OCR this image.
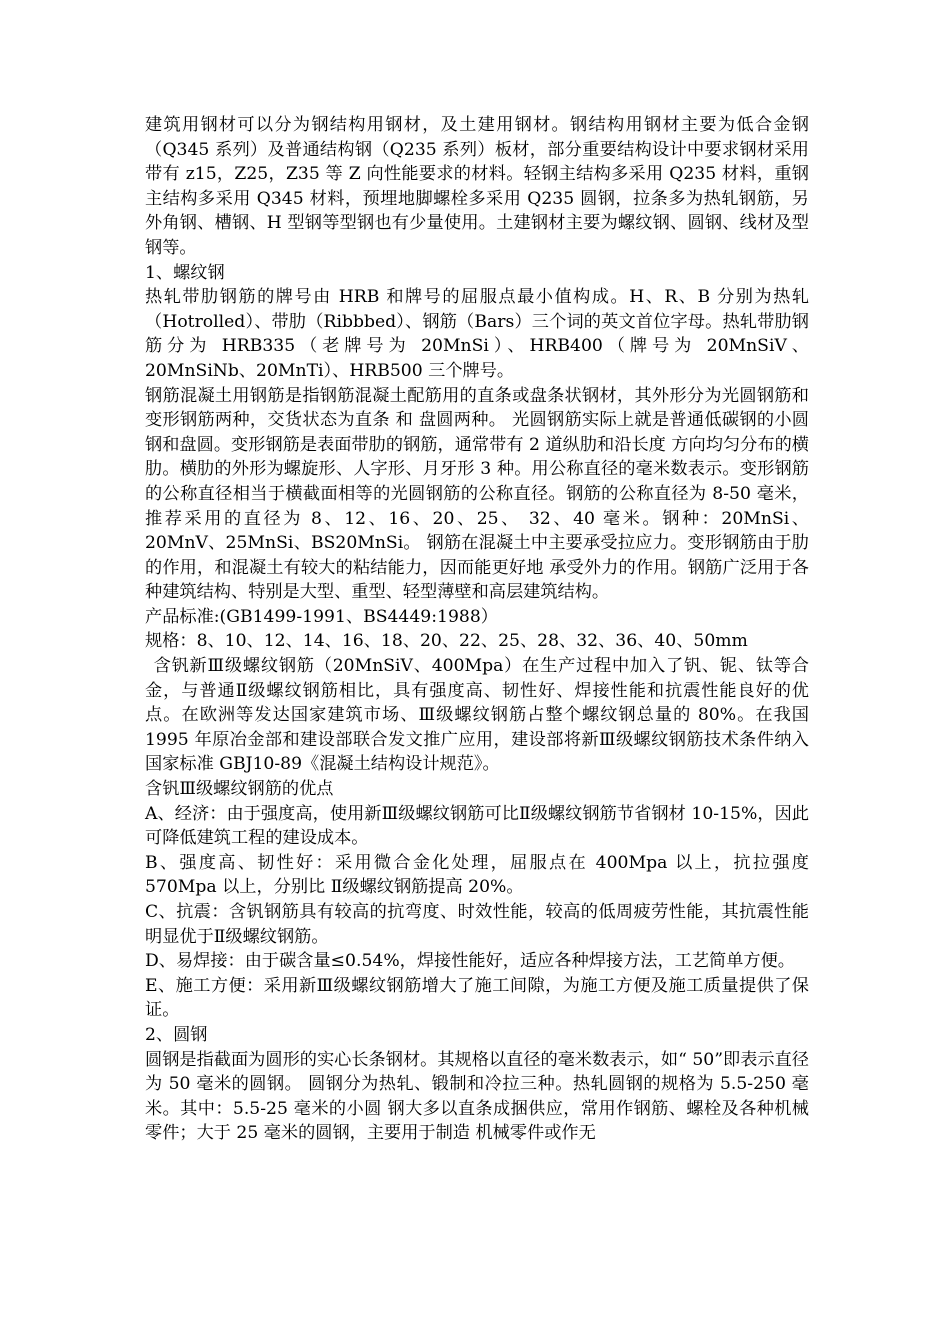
建筑用钢材可以分为钢结构用钢材，及土建用钢材。钢结构用钢材主要为低合金钢（Q345 系列）及普通结构钢（Q235 系列）板材，部分重要结构设计中要求钢材采用带有 z15，Z25，Z35 等 Z 向性能要求的材料。轻钢主结构多采用 Q235 材料，重钢主结构多采用 Q345 材料，预埋地脚螺栓多采用 Q235 圆钢，拉条多为热轧钢筋，另外角钢、槽钢、H 型钢等型钢也有少量使用。土建钢材主要为螺纹钢、圆钢、线材及型钢等。

1、螺纹钢

热轧带肋钢筋的牌号由 HRB 和牌号的屈服点最小值构成。H、R、B 分别为热轧（Hotrolled）、带肋（Ribbbed）、钢筋（Bars）三个词的英文首位字母。热轧带肋钢筋分为 HRB335（老牌号为 20MnSi）、HRB400（牌号为 20MnSiV、20MnSiNb、20MnTi）、HRB500 三个牌号。

钢筋混凝土用钢筋是指钢筋混凝土配筋用的直条或盘条状钢材，其外形分为光圆钢筋和变形钢筋两种，交货状态为直条 和 盘圆两种。 光圆钢筋实际上就是普通低碳钢的小圆钢和盘圆。变形钢筋是表面带肋的钢筋，通常带有 2 道纵肋和沿长度 方向均匀分布的横肋。横肋的外形为螺旋形、人字形、月牙形 3 种。用公称直径的毫米数表示。变形钢筋的公称直径相当于横截面相等的光圆钢筋的公称直径。钢筋的公称直径为 8-50 毫米，推荐采用的直径为 8、12、16、20、25、 32、40 毫米。钢种：20MnSi、20MnV、25MnSi、BS20MnSi。 钢筋在混凝土中主要承受拉应力。变形钢筋由于肋的作用，和混凝土有较大的粘结能力，因而能更好地 承受外力的作用。钢筋广泛用于各种建筑结构、特别是大型、重型、轻型薄壁和高层建筑结构。

产品标准:(GB1499-1991、BS4449:1988）

规格：8、10、12、14、16、18、20、22、25、28、32、36、40、50mm

含钒新Ⅲ级螺纹钢筋（20MnSiV、400Mpa）在生产过程中加入了钒、铌、钛等合金，与普通Ⅱ级螺纹钢筋相比，具有强度高、韧性好、焊接性能和抗震性能良好的优点。在欧洲等发达国家建筑市场、Ⅲ级螺纹钢筋占整个螺纹钢总量的 80%。在我国 1995 年原冶金部和建设部联合发文推广应用，建设部将新Ⅲ级螺纹钢筋技术条件纳入国家标准 GBJ10-89《混凝土结构设计规范》。

含钒Ⅲ级螺纹钢筋的优点

A、经济：由于强度高，使用新Ⅲ级螺纹钢筋可比Ⅱ级螺纹钢筋节省钢材 10-15%，因此可降低建筑工程的建设成本。

B、强度高、韧性好：采用微合金化处理，屈服点在 400Mpa 以上，抗拉强度 570Mpa 以上，分别比 Ⅱ级螺纹钢筋提高 20%。

C、抗震：含钒钢筋具有较高的抗弯度、时效性能，较高的低周疲劳性能，其抗震性能明显优于Ⅱ级螺纹钢筋。

D、易焊接：由于碳含量≤0.54%，焊接性能好，适应各种焊接方法，工艺简单方便。

E、施工方便：采用新Ⅲ级螺纹钢筋增大了施工间隙，为施工方便及施工质量提供了保证。

2、圆钢

圆钢是指截面为圆形的实心长条钢材。其规格以直径的毫米数表示，如“ 50”即表示直径为 50 毫米的圆钢。 圆钢分为热轧、锻制和冷拉三种。热轧圆钢的规格为 5.5-250 毫米。其中：5.5-25 毫米的小圆 钢大多以直条成捆供应，常用作钢筋、螺栓及各种机械零件；大于 25 毫米的圆钢，主要用于制造 机械零件或作无
